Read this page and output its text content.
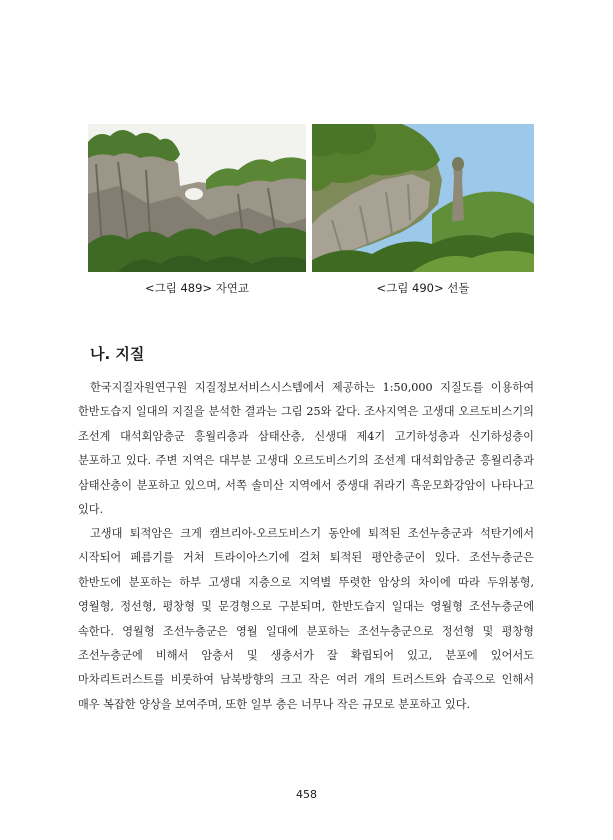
<그림 489> 자연교	<그림 490> 선돌
나. 지질

한국지질자원연구원 지질정보서비스시스템에서 제공하는 1:50,000 지질도를 이용하여 한반도습지 일대의 지질을 분석한 결과는 그림 25와 같다. 조사지역은 고생대 오르도비스기의 조선계 대석회암층군 흥월리층과 삼태산층, 신생대 제4기 고기하성층과 신기하성층이 분포하고 있다. 주변 지역은 대부분 고생대 오르도비스기의 조선계 대석회암층군 흥월리층과 삼태산층이 분포하고 있으며, 서쪽 솔미산 지역에서 중생대 쥐라기 흑운모화강암이 나타나고 있다.

고생대 퇴적암은 크게 캠브리아-오르도비스기 동안에 퇴적된 조선누층군과 석탄기에서 시작되어 페름기를 거쳐 트라이아스기에 걸쳐 퇴적된 평안층군이 있다. 조선누층군은 한반도에 분포하는 하부 고생대 지층으로 지역별 뚜렷한 암상의 차이에 따라 두위봉형, 영월형, 정선형, 평창형 및 문경형으로 구분되며, 한반도습지 일대는 영월형 조선누층군에 속한다. 영월형 조선누층군은 영월 일대에 분포하는 조선누층군으로 정선형 및 평창형 조선누층군에 비해서 암층서 및 생층서가 잘 확립되어 있고, 분포에 있어서도 마차리트러스트를 비롯하여 남북방향의 크고 작은 여러 개의 트러스트와 습곡으로 인해서 매우 복잡한 양상을 보여주며, 또한 일부 층은 너무나 작은 규모로 분포하고 있다.

458
